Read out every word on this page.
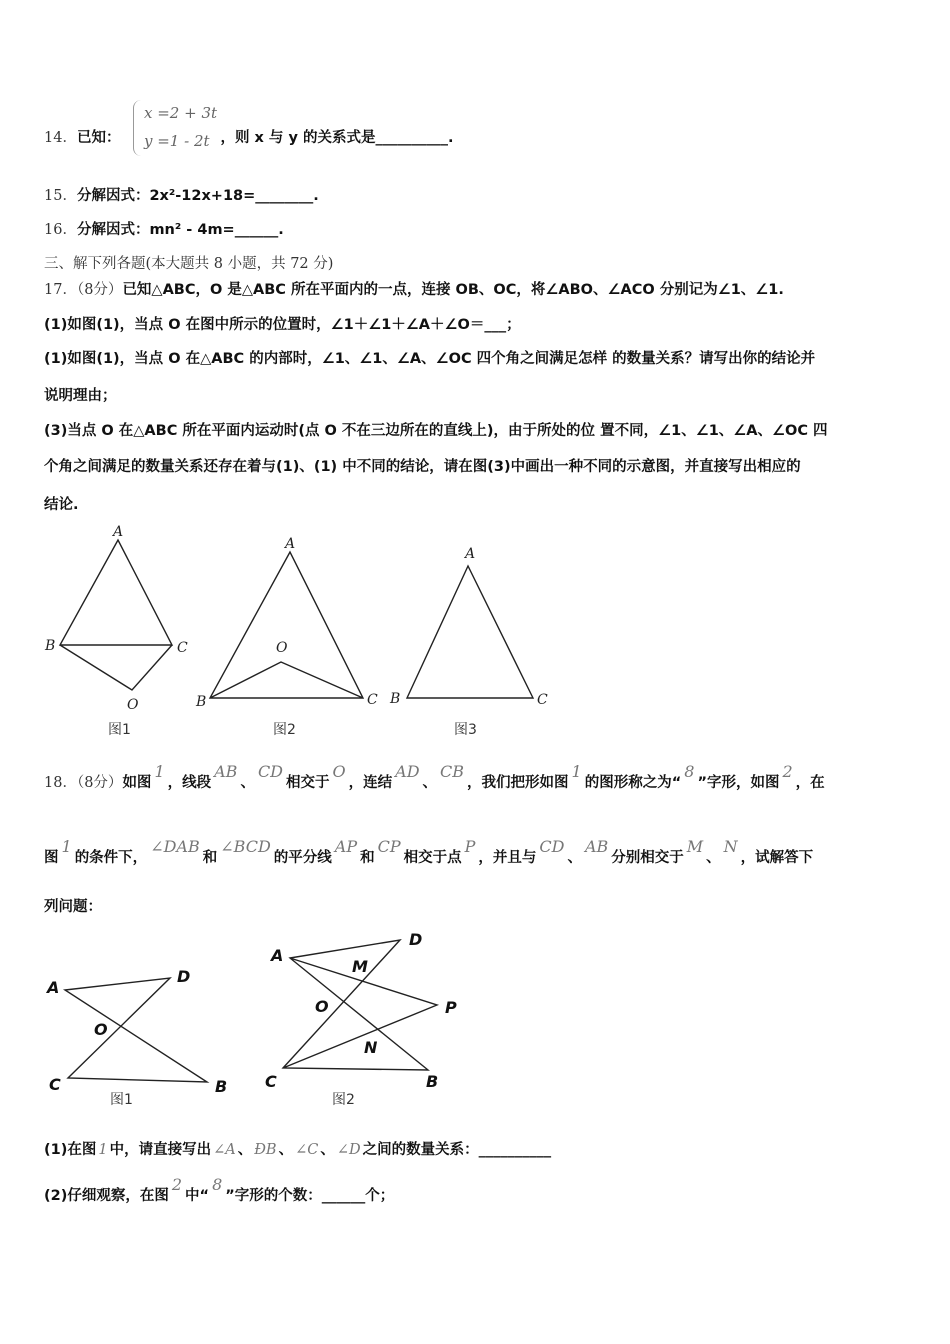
14．已知：	，则 x 与 y 的关系式是__________.
x =2 + 3t
y =1 - 2t
15．分解因式：2x²-12x+18=________.
16．分解因式：mn² - 4m=______.
三、解下列各题(本大题共 8 小题，共 72 分)
17．（8分）已知△ABC，O 是△ABC 所在平面内的一点，连接 OB、OC，将∠ABO、∠ACO 分别记为∠1、∠1.
(1)如图(1)，当点 O 在图中所示的位置时，∠1＋∠1＋∠A＋∠O＝___；
(1)如图(1)，当点 O 在△ABC 的内部时，∠1、∠1、∠A、∠OC 四个角之间满足怎样 的数量关系？请写出你的结论并
说明理由；
(3)当点 O 在△ABC 所在平面内运动时(点 O 不在三边所在的直线上)，由于所处的位 置不同，∠1、∠1、∠A、∠OC 四
个角之间满足的数量关系还存在着与(1)、(1) 中不同的结论，请在图(3)中画出一种不同的示意图，并直接写出相应的
结论.
A
B	C
O
图1
A
B	C
O
图2
A
B	C
图3
A
D
O
C	B
图1
A
D
M
O	P
N
C	B
图2
18．（8分）如图1，线段AB、CD相交于O，连结AD、CB，我们把形如图1的图形称之为“8”字形，如图2，在
图1的条件下，∠DAB和∠BCD的平分线AP和CP相交于点P，并且与CD、AB分别相交于M、N，试解答下
列问题：
(1)在图 1 中，请直接写出 ∠A 、 ÐB 、 ∠C 、 ∠D 之间的数量关系：__________
(2)仔细观察，在图2中“8”字形的个数：______个；
